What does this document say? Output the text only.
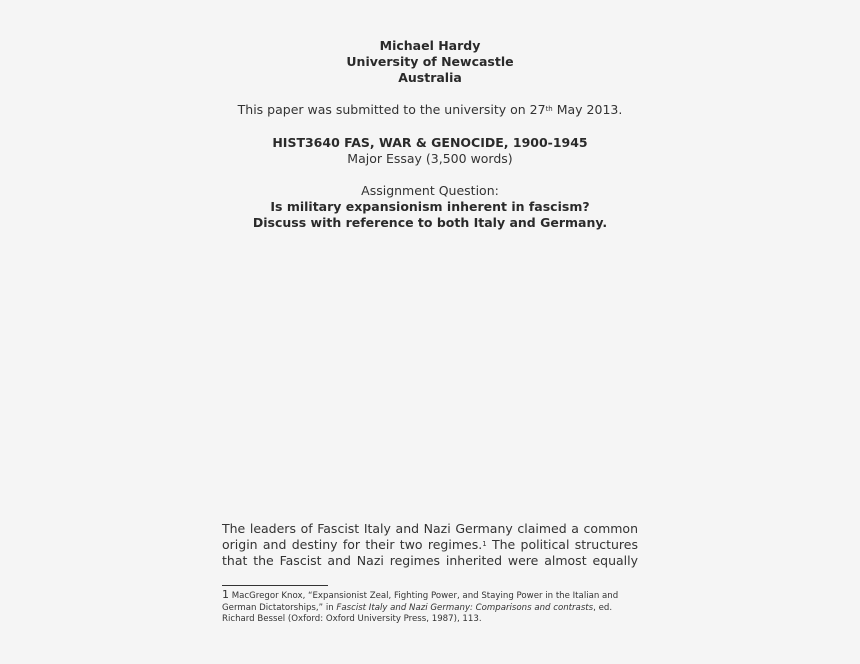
Michael Hardy
University of Newcastle
Australia
This paper was submitted to the university on 27th May 2013.
HIST3640 FAS, WAR & GENOCIDE, 1900-1945
Major Essay (3,500 words)
Assignment Question:
Is military expansionism inherent in fascism?
Discuss with reference to both Italy and Germany.
The leaders of Fascist Italy and Nazi Germany claimed a common
origin and destiny for their two regimes.$^1$ The political structures
that the Fascist and Nazi regimes inherited were almost equally
1 MacGregor Knox, “Expansionist Zeal, Fighting Power, and Staying Power in the Italian and
German Dictatorships,” in Fascist Italy and Nazi Germany: Comparisons and contrasts, ed.
Richard Bessel (Oxford: Oxford University Press, 1987), 113.
